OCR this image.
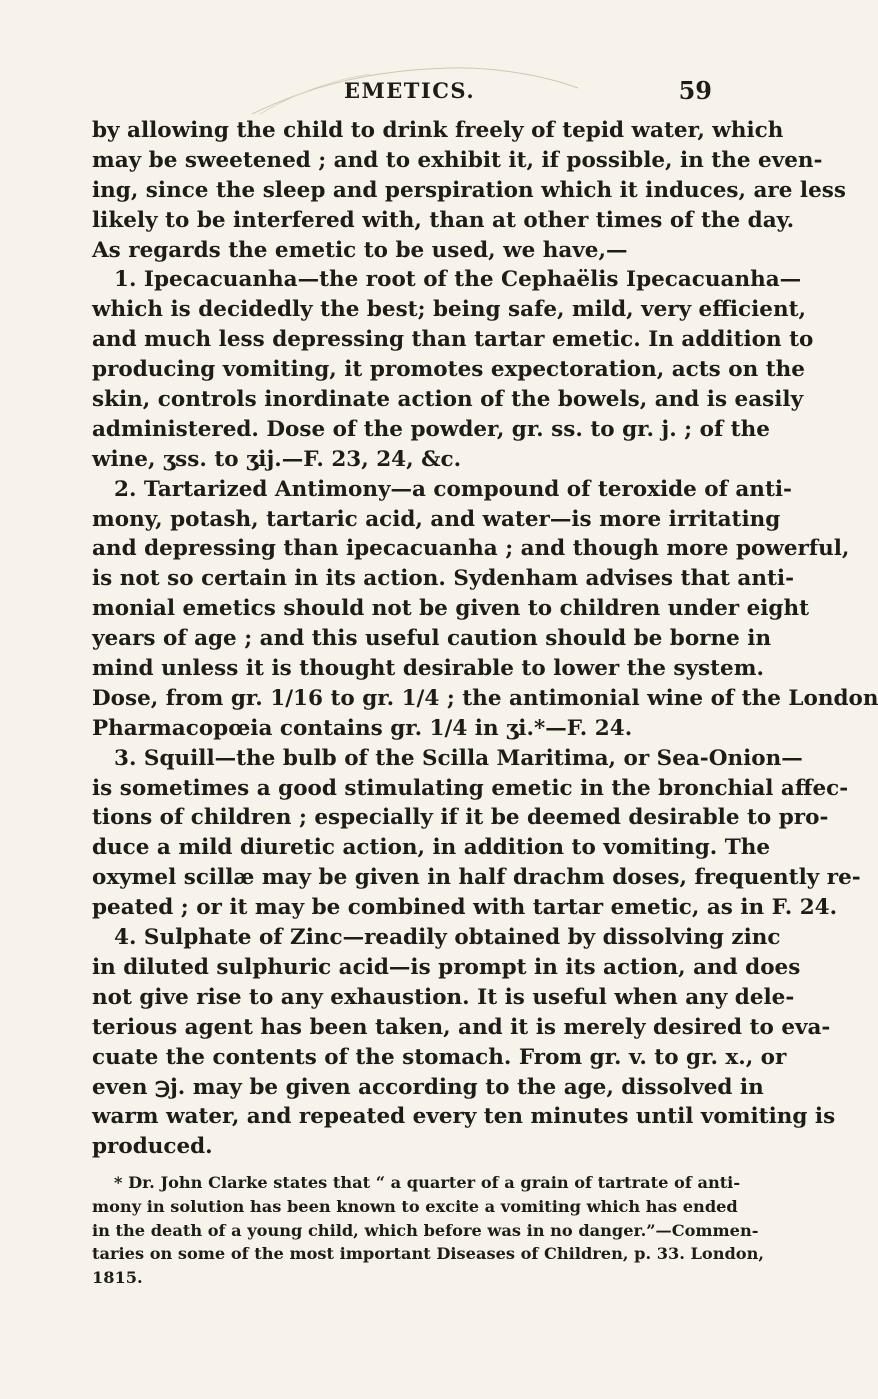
EMETICS.	59
by allowing the child to drink freely of tepid water, which
may be sweetened ; and to exhibit it, if possible, in the even-
ing, since the sleep and perspiration which it induces, are less
likely to be interfered with, than at other times of the day.
As regards the emetic to be used, we have,—
1. Ipecacuanha—the root of the Cephaëlis Ipecacuanha—
which is decidedly the best; being safe, mild, very efficient,
and much less depressing than tartar emetic. In addition to
producing vomiting, it promotes expectoration, acts on the
skin, controls inordinate action of the bowels, and is easily
administered. Dose of the powder, gr. ss. to gr. j. ; of the
wine, ʒss. to ʒij.—F. 23, 24, &c.
2. Tartarized Antimony—a compound of teroxide of anti-
mony, potash, tartaric acid, and water—is more irritating
and depressing than ipecacuanha ; and though more powerful,
is not so certain in its action. Sydenham advises that anti-
monial emetics should not be given to children under eight
years of age ; and this useful caution should be borne in
mind unless it is thought desirable to lower the system.
Dose, from gr. 1/16 to gr. 1/4 ; the antimonial wine of the London
Pharmacopœia contains gr. 1/4 in ʒi.*—F. 24.
3. Squill—the bulb of the Scilla Maritima, or Sea-Onion—
is sometimes a good stimulating emetic in the bronchial affec-
tions of children ; especially if it be deemed desirable to pro-
duce a mild diuretic action, in addition to vomiting. The
oxymel scillæ may be given in half drachm doses, frequently re-
peated ; or it may be combined with tartar emetic, as in F. 24.
4. Sulphate of Zinc—readily obtained by dissolving zinc
in diluted sulphuric acid—is prompt in its action, and does
not give rise to any exhaustion. It is useful when any dele-
terious agent has been taken, and it is merely desired to eva-
cuate the contents of the stomach. From gr. v. to gr. x., or
even ℈j. may be given according to the age, dissolved in
warm water, and repeated every ten minutes until vomiting is
produced.
* Dr. John Clarke states that “ a quarter of a grain of tartrate of anti-
mony in solution has been known to excite a vomiting which has ended
in the death of a young child, which before was in no danger.”—Commen-
taries on some of the most important Diseases of Children, p. 33. London,
1815.
